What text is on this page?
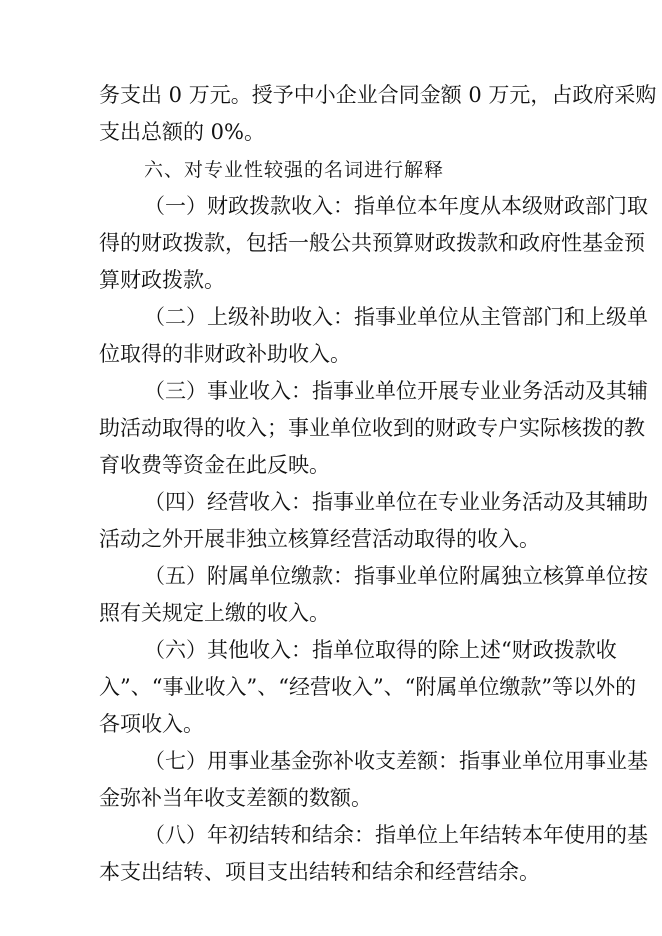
务支出 0 万元。授予中小企业合同金额 0 万元，占政府采购

支出总额的 0%。

六、对专业性较强的名词进行解释

（一）财政拨款收入：指单位本年度从本级财政部门取

得的财政拨款，包括一般公共预算财政拨款和政府性基金预

算财政拨款。

（二）上级补助收入：指事业单位从主管部门和上级单

位取得的非财政补助收入。

（三）事业收入：指事业单位开展专业业务活动及其辅

助活动取得的收入；事业单位收到的财政专户实际核拨的教

育收费等资金在此反映。

（四）经营收入：指事业单位在专业业务活动及其辅助

活动之外开展非独立核算经营活动取得的收入。

（五）附属单位缴款：指事业单位附属独立核算单位按

照有关规定上缴的收入。

（六）其他收入：指单位取得的除上述“财政拨款收

入”、“事业收入”、“经营收入”、“附属单位缴款”等以外的

各项收入。

（七）用事业基金弥补收支差额：指事业单位用事业基

金弥补当年收支差额的数额。

（八）年初结转和结余：指单位上年结转本年使用的基

本支出结转、项目支出结转和结余和经营结余。
